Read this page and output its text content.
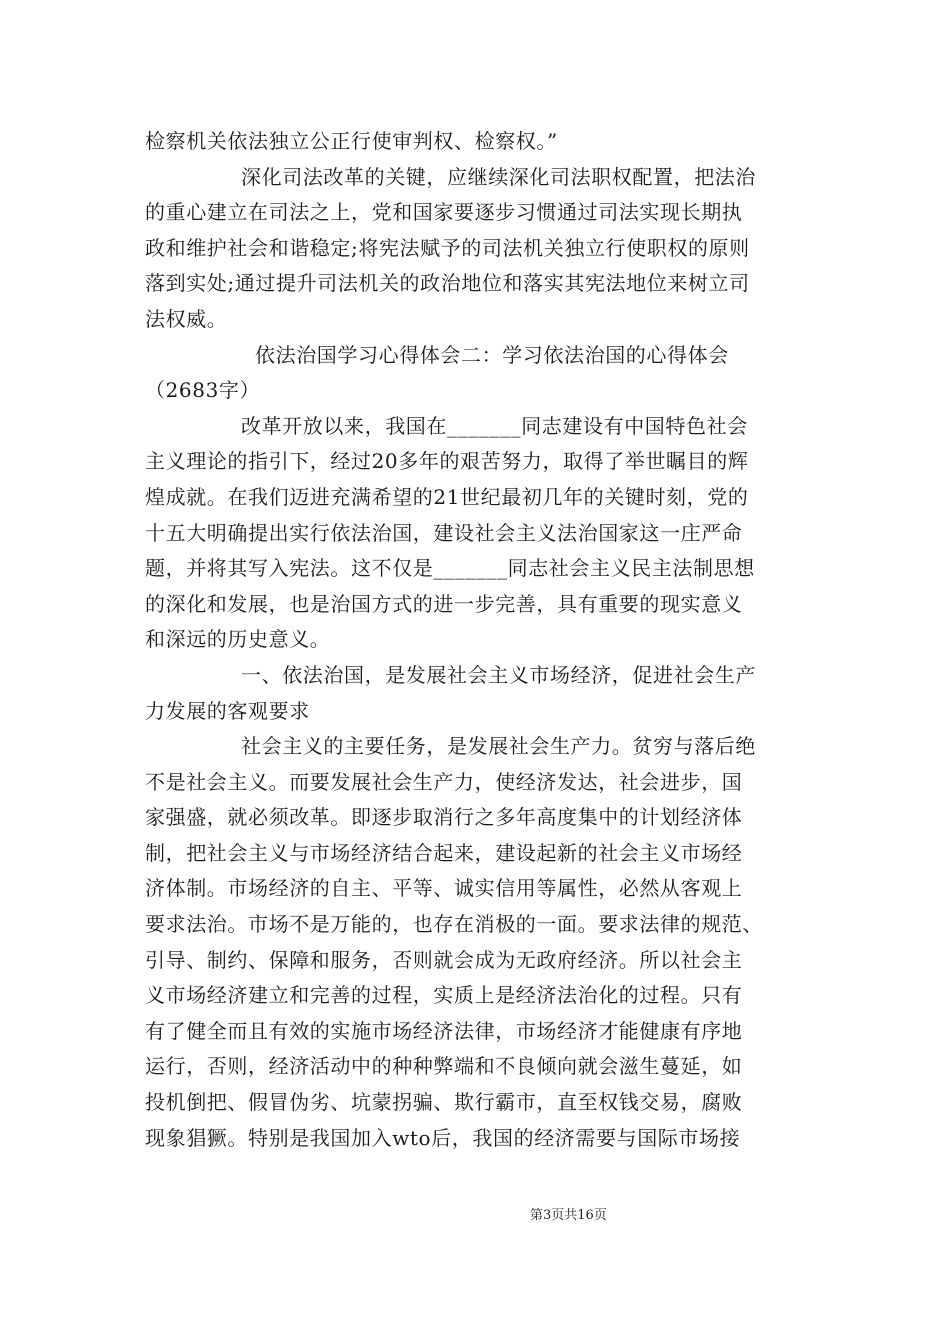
检察机关依法独立公正行使审判权、检察权。”
深化司法改革的关键，应继续深化司法职权配置，把法治
的重心建立在司法之上，党和国家要逐步习惯通过司法实现长期执
政和维护社会和谐稳定;将宪法赋予的司法机关独立行使职权的原则
落到实处;通过提升司法机关的政治地位和落实其宪法地位来树立司
法权威。
依法治国学习心得体会二：学习依法治国的心得体会
（2683字）
改革开放以来，我国在_______同志建设有中国特色社会
主义理论的指引下，经过20多年的艰苦努力，取得了举世瞩目的辉
煌成就。在我们迈进充满希望的21世纪最初几年的关键时刻，党的
十五大明确提出实行依法治国，建设社会主义法治国家这一庄严命
题，并将其写入宪法。这不仅是_______同志社会主义民主法制思想
的深化和发展，也是治国方式的进一步完善，具有重要的现实意义
和深远的历史意义。
一、依法治国，是发展社会主义市场经济，促进社会生产
力发展的客观要求
社会主义的主要任务，是发展社会生产力。贫穷与落后绝
不是社会主义。而要发展社会生产力，使经济发达，社会进步，国
家强盛，就必须改革。即逐步取消行之多年高度集中的计划经济体
制，把社会主义与市场经济结合起来，建设起新的社会主义市场经
济体制。市场经济的自主、平等、诚实信用等属性，必然从客观上
要求法治。市场不是万能的，也存在消极的一面。要求法律的规范、
引导、制约、保障和服务，否则就会成为无政府经济。所以社会主
义市场经济建立和完善的过程，实质上是经济法治化的过程。只有
有了健全而且有效的实施市场经济法律，市场经济才能健康有序地
运行，否则，经济活动中的种种弊端和不良倾向就会滋生蔓延，如
投机倒把、假冒伪劣、坑蒙拐骗、欺行霸市，直至权钱交易，腐败
现象猖獗。特别是我国加入wto后，我国的经济需要与国际市场接
第3页共16页
